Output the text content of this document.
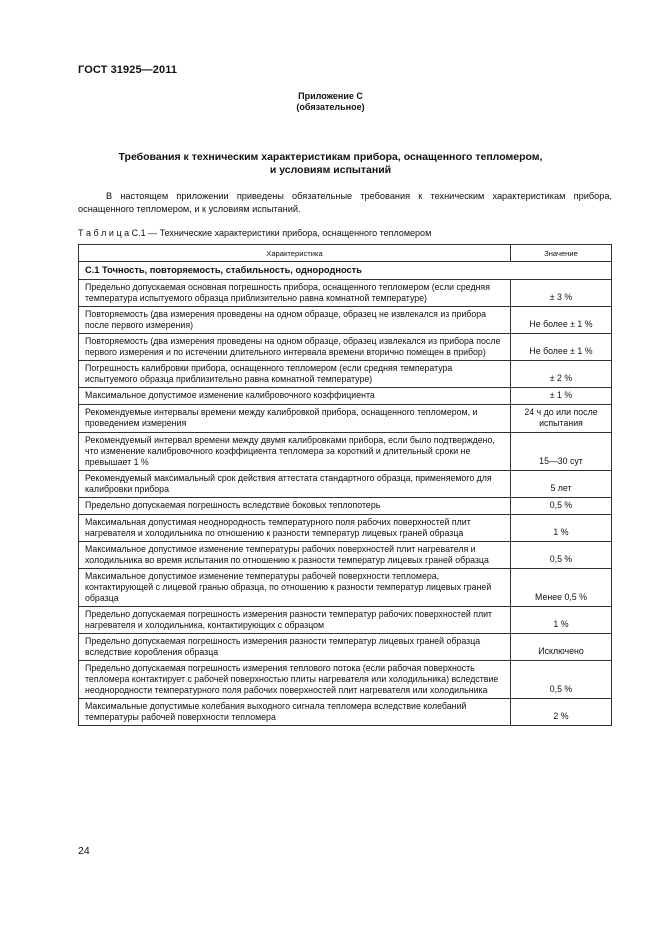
ГОСТ 31925—2011
Приложение С
(обязательное)
Требования к техническим характеристикам прибора, оснащенного тепломером,
и условиям испытаний
В настоящем приложении приведены обязательные требования к техническим характеристикам прибора, оснащенного тепломером, и к условиям испытаний.
Т а б л и ц а С.1 — Технические характеристики прибора, оснащенного тепломером
Характеристика	Значение
С.1 Точность, повторяемость, стабильность, однородность	
Предельно допускаемая основная погрешность прибора, оснащенного тепломером (если средняя температура испытуемого образца приблизительно равна комнатной температуре)	± 3 %
Повторяемость (два измерения проведены на одном образце, образец не извлекался из прибора после первого измерения)	Не более ± 1 %
Повторяемость (два измерения проведены на одном образце, образец извлекался из прибора после первого измерения и по истечении длительного интервала времени вторично помещен в прибор)	Не более ± 1 %
Погрешность калибровки прибора, оснащенного тепломером (если средняя температура испытуемого образца приблизительно равна комнатной температуре)	± 2 %
Максимальное допустимое изменение калибровочного коэффициента	± 1 %
Рекомендуемые интервалы времени между калибровкой прибора, оснащенного тепломером, и проведением измерения	24 ч до или после испытания
Рекомендуемый интервал времени между двумя калибровками прибора, если было подтверждено, что изменение калибровочного коэффициента тепломера за короткий и длительный сроки не превышает 1 %	15—30 сут
Рекомендуемый максимальный срок действия аттестата стандартного образца, применяемого для калибровки прибора	5 лет
Предельно допускаемая погрешность вследствие боковых теплопотерь	0,5 %
Максимальная допустимая неоднородность температурного поля рабочих поверхностей плит нагревателя и холодильника по отношению к разности температур лицевых граней образца	1 %
Максимальное допустимое изменение температуры рабочих поверхностей плит нагревателя и холодильника во время испытания по отношению к разности температур лицевых граней образца	0,5 %
Максимальное допустимое изменение температуры рабочей поверхности тепломера, контактирующей с лицевой гранью образца, по отношению к разности температур лицевых граней образца	Менее 0,5 %
Предельно допускаемая погрешность измерения разности температур рабочих поверхностей плит нагревателя и холодильника, контактирующих с образцом	1 %
Предельно допускаемая погрешность измерения разности температур лицевых граней образца вследствие коробления образца	Исключено
Предельно допускаемая погрешность измерения теплового потока (если рабочая поверхность тепломера контактирует с рабочей поверхностью плиты нагревателя или холодильника) вследствие неоднородности температурного поля рабочих поверхностей плит нагревателя или холодильника	0,5 %
Максимальные допустимые колебания выходного сигнала тепломера вследствие колебаний температуры рабочей поверхности тепломера	2 %
24
